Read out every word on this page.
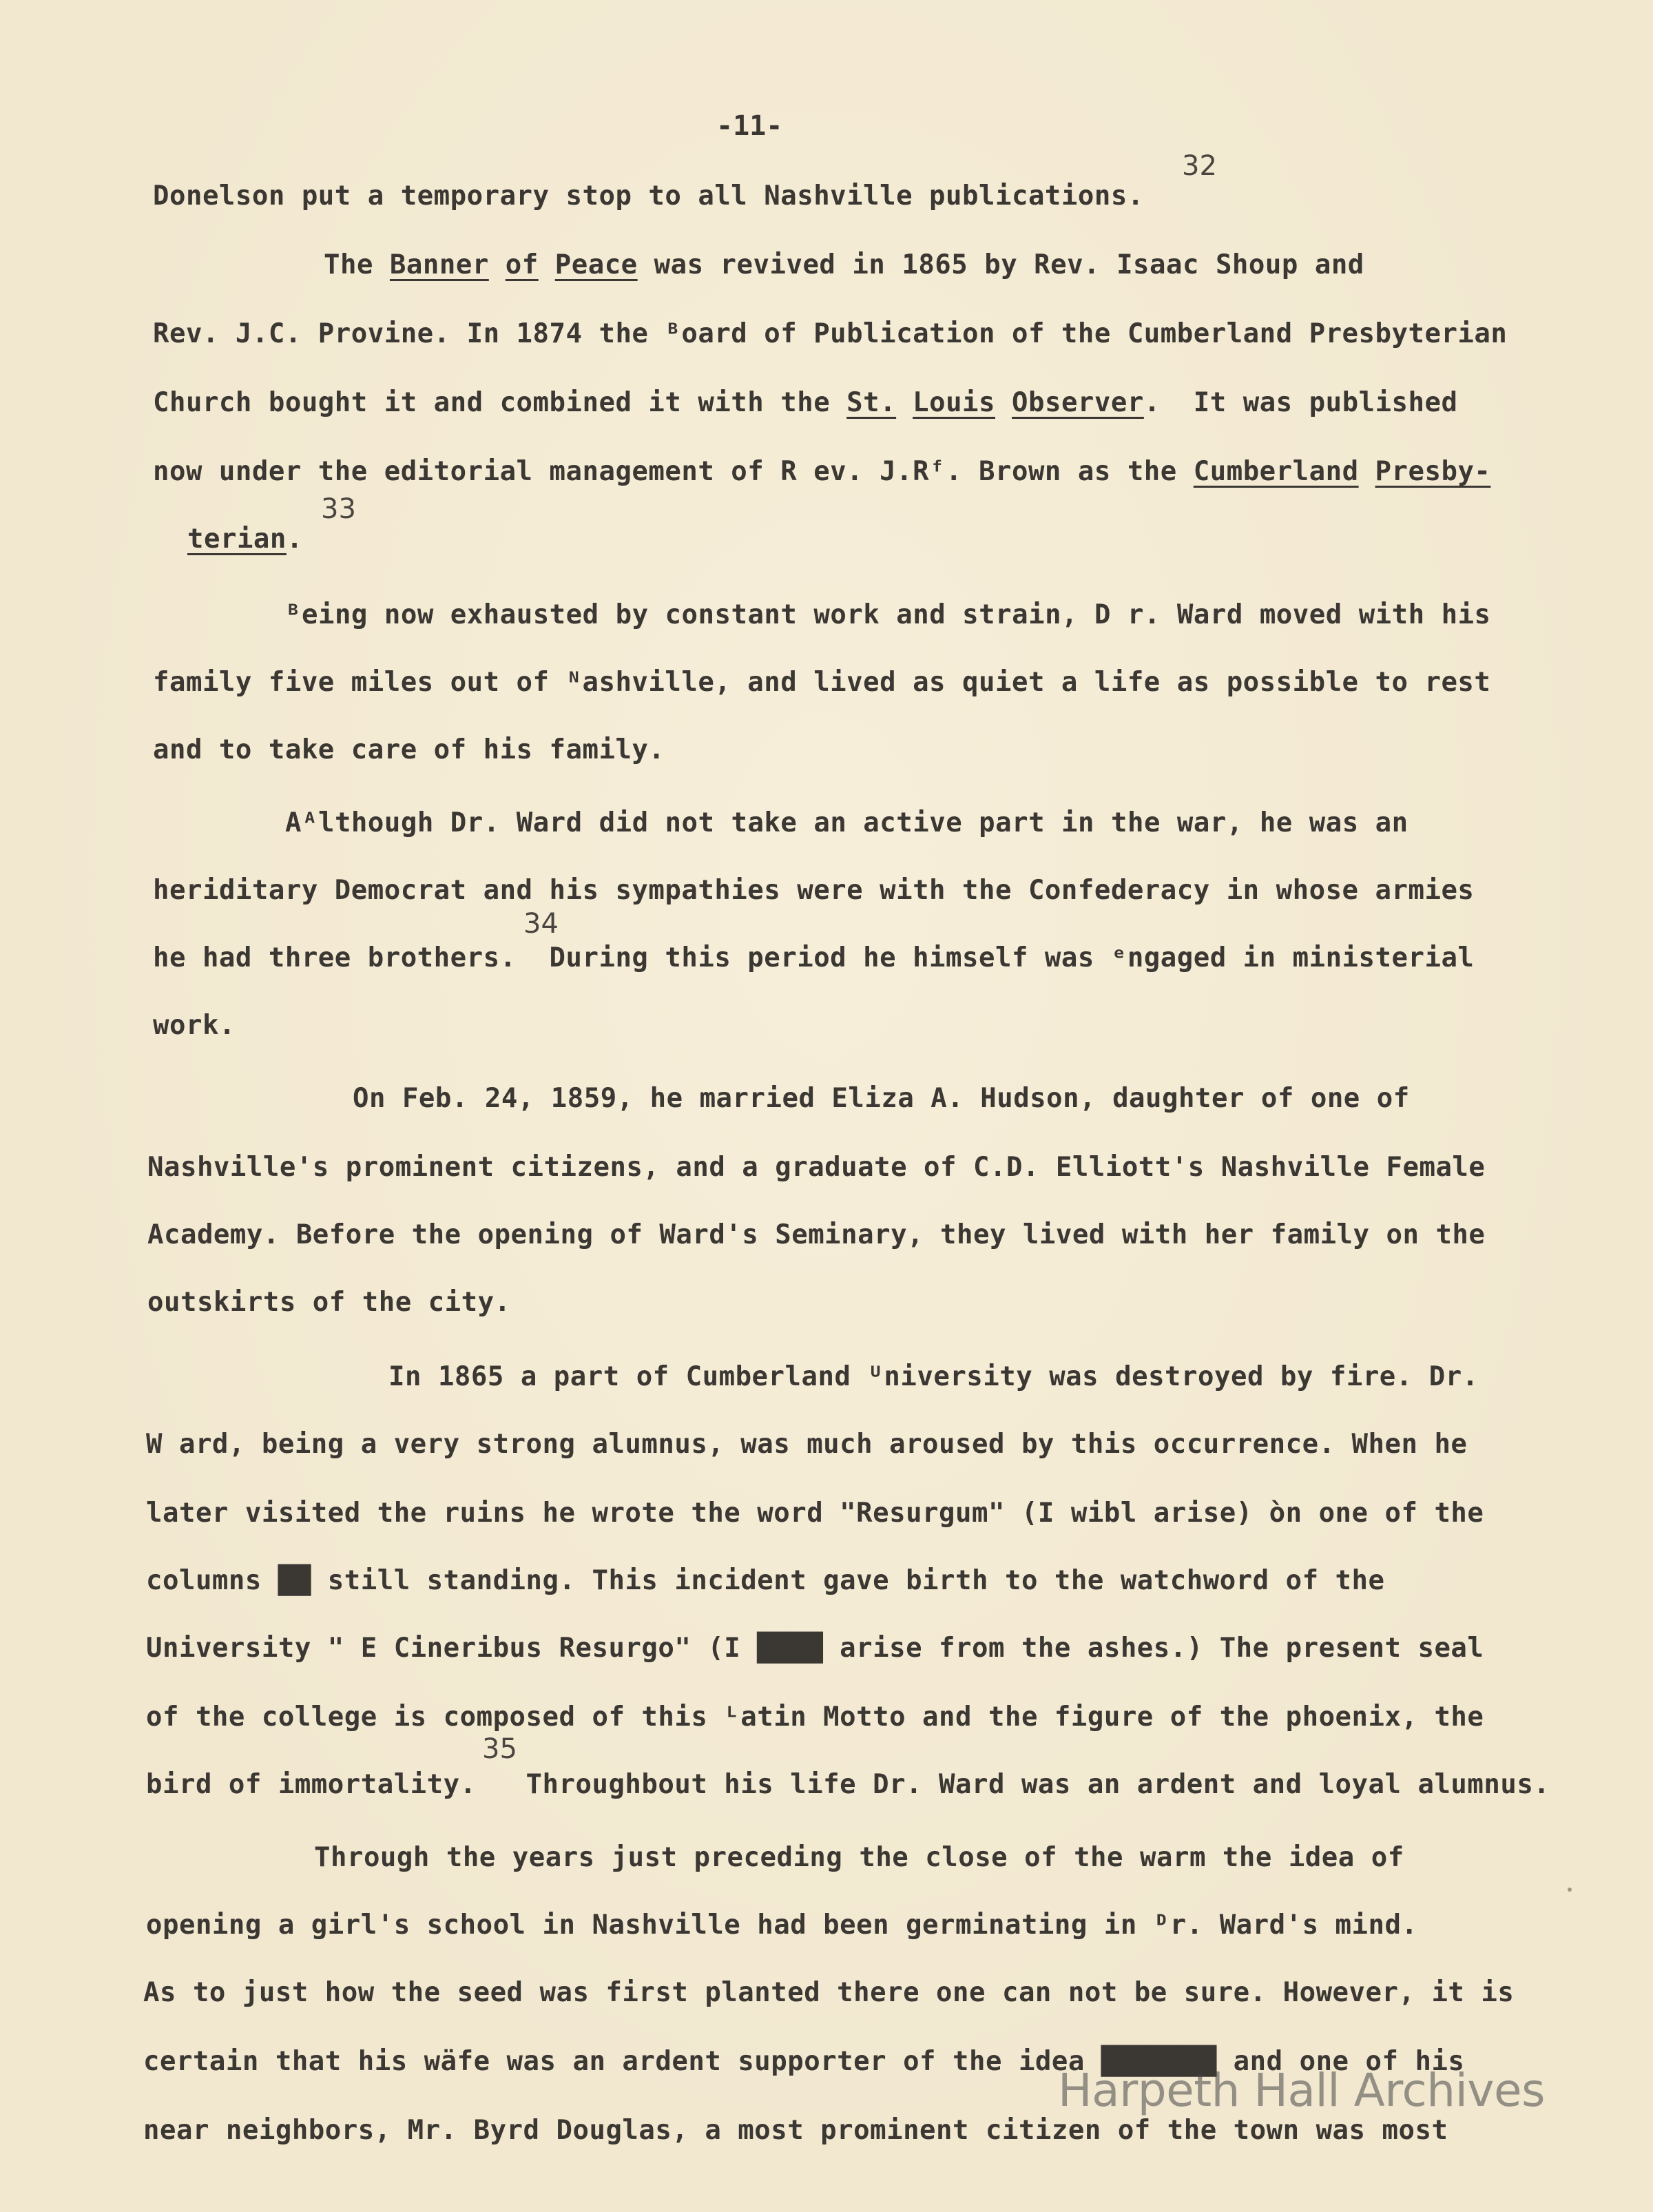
-11-
Donelson put a temporary stop to all Nashville publications.
32
The Banner of Peace was revived in 1865 by Rev. Isaac Shoup and
Rev. J.C. Provine. In 1874 the ᴮoard of Publication of the Cumberland Presbyterian
Church bought it and combined it with the St. Louis Observer.  It was published
now under the editorial management of R ev. J.Rᶠ. Brown as the Cumberland Presby-
33
terian.
ᴮeing now exhausted by constant work and strain, D r. Ward moved with his
family five miles out of ᴺashville, and lived as quiet a life as possible to rest
and to take care of his family.
Aᴬlthough Dr. Ward did not take an active part in the war, he was an
heriditary Democrat and his sympathies were with the Confederacy in whose armies
34
he had three brothers.  During this period he himself was ᵉngaged in ministerial
work.
On Feb. 24, 1859, he married Eliza A. Hudson, daughter of one of
Nashville's prominent citizens, and a graduate of C.D. Elliott's Nashville Female
Academy. Before the opening of Ward's Seminary, they lived with her family on the
outskirts of the city.
In 1865 a part of Cumberland ᵁniversity was destroyed by fire. Dr.
W ard, being a very strong alumnus, was much aroused by this occurrence. When he
later visited the ruins he wrote the word "Resurgum" (I wibl arise) òn one of the
columns ██ still standing. This incident gave birth to the watchword of the
University " E Cineribus Resurgo" (I ████ arise from the ashes.) The present seal
of the college is composed of this ᴸatin Motto and the figure of the phoenix, the
35
bird of immortality.   Throughbout his life Dr. Ward was an ardent and loyal alumnus.
Through the years just preceding the close of the warm the idea of
opening a girl's school in Nashville had been germinating in ᴰr. Ward's mind.
As to just how the seed was first planted there one can not be sure. However, it is
certain that his wäfe was an ardent supporter of the idea ███████ and one of his
near neighbors, Mr. Byrd Douglas, a most prominent citizen of the town was most
Harpeth Hall Archives
